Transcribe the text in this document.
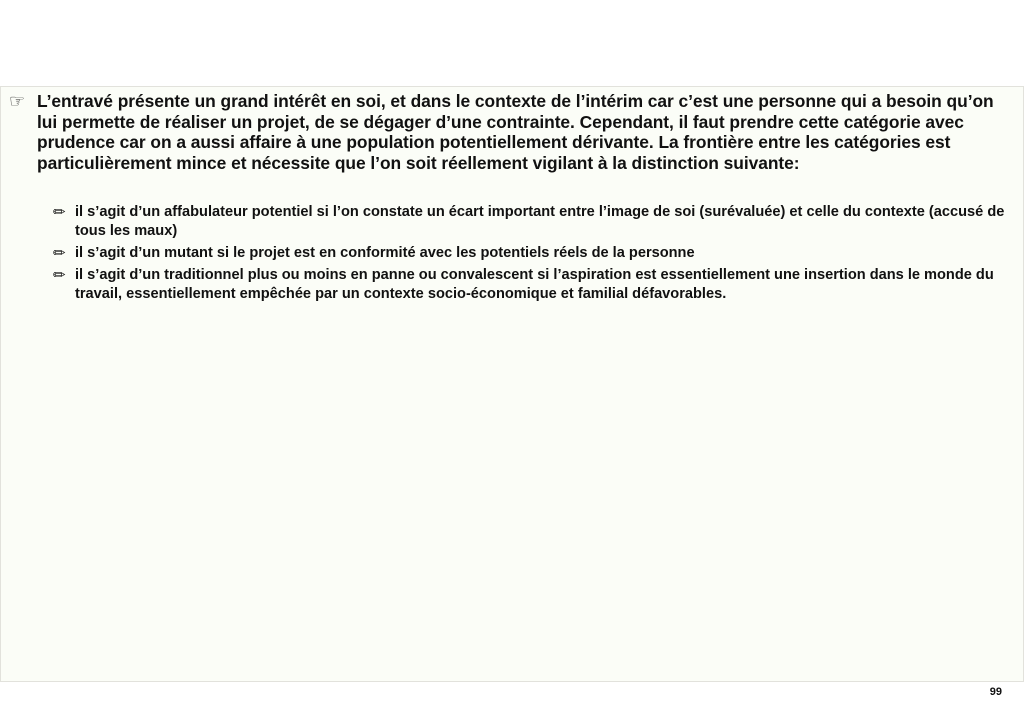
☞ L’entravé présente un grand intérêt en soi, et dans le contexte de l’intérim car c’est une personne qui a besoin qu’on lui permette de réaliser un projet, de se dégager d’une contrainte. Cependant, il faut prendre cette catégorie avec prudence car on a aussi affaire à une population potentiellement dérivante. La frontière entre les catégories est particulièrement mince et nécessite que l’on soit réellement vigilant à la distinction suivante:
✏ il s’agit d’un affabulateur potentiel si l’on constate un écart important entre l’image de soi (surévaluée) et celle du contexte (accusé de tous les maux)
✏ il s’agit d’un mutant si le projet est en conformité avec les potentiels réels de la personne
✏ il s’agit d’un traditionnel plus ou moins en panne ou convalescent si l’aspiration est essentiellement une insertion dans le monde du travail, essentiellement empêchée par un contexte socio-économique et familial défavorables.
99
